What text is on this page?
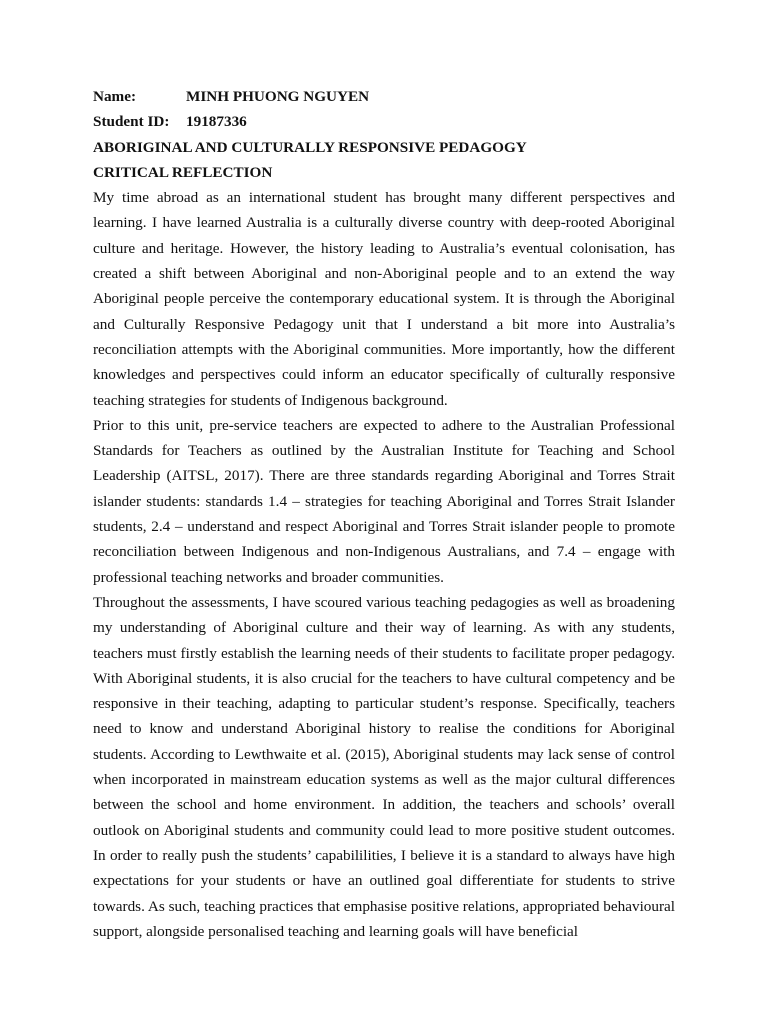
Name:	MINH PHUONG NGUYEN
Student ID:	19187336
ABORIGINAL AND CULTURALLY RESPONSIVE PEDAGOGY
CRITICAL REFLECTION

My time abroad as an international student has brought many different perspectives and learning. I have learned Australia is a culturally diverse country with deep-rooted Aboriginal culture and heritage. However, the history leading to Australia’s eventual colonisation, has created a shift between Aboriginal and non-Aboriginal people and to an extend the way Aboriginal people perceive the contemporary educational system. It is through the Aboriginal and Culturally Responsive Pedagogy unit that I understand a bit more into Australia’s reconciliation attempts with the Aboriginal communities. More importantly, how the different knowledges and perspectives could inform an educator specifically of culturally responsive teaching strategies for students of Indigenous background.

Prior to this unit, pre-service teachers are expected to adhere to the Australian Professional Standards for Teachers as outlined by the Australian Institute for Teaching and School Leadership (AITSL, 2017). There are three standards regarding Aboriginal and Torres Strait islander students: standards 1.4 – strategies for teaching Aboriginal and Torres Strait Islander students, 2.4 – understand and respect Aboriginal and Torres Strait islander people to promote reconciliation between Indigenous and non-Indigenous Australians, and 7.4 – engage with professional teaching networks and broader communities.

Throughout the assessments, I have scoured various teaching pedagogies as well as broadening my understanding of Aboriginal culture and their way of learning. As with any students, teachers must firstly establish the learning needs of their students to facilitate proper pedagogy. With Aboriginal students, it is also crucial for the teachers to have cultural competency and be responsive in their teaching, adapting to particular student’s response. Specifically, teachers need to know and understand Aboriginal history to realise the conditions for Aboriginal students. According to Lewthwaite et al. (2015), Aboriginal students may lack sense of control when incorporated in mainstream education systems as well as the major cultural differences between the school and home environment. In addition, the teachers and schools’ overall outlook on Aboriginal students and community could lead to more positive student outcomes. In order to really push the students’ capabililities, I believe it is a standard to always have high expectations for your students or have an outlined goal differentiate for students to strive towards. As such, teaching practices that emphasise positive relations, appropriated behavioural support, alongside personalised teaching and learning goals will have beneficial
